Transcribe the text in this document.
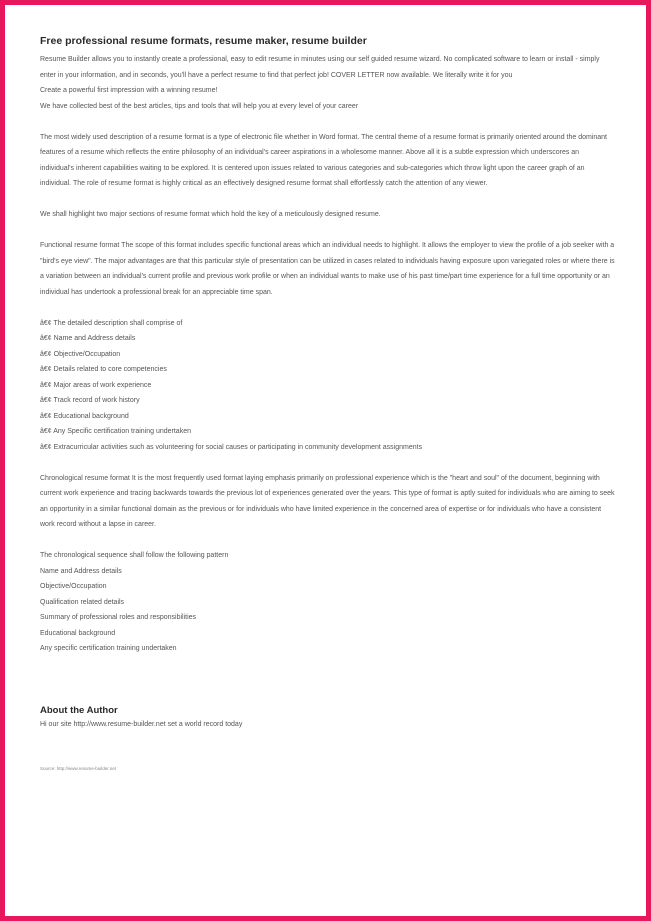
Free professional resume formats, resume maker, resume builder

Resume Builder allows you to instantly create a professional, easy to edit resume in minutes using our self guided resume wizard. No complicated software to learn or install - simply enter in your information, and in seconds, you'll have a perfect resume to find that perfect job! COVER LETTER now available. We literally write it for you

Create a powerful first impression with a winning resume!

We have collected best of the best articles, tips and tools that will help you at every level of your career

The most widely used description of a resume format is a type of electronic file whether in Word format. The central theme of a resume format is primarily oriented around the dominant features of a resume which reflects the entire philosophy of an individual's career aspirations in a wholesome manner. Above all it is a subtle expression which underscores an individual's inherent capabilities waiting to be explored. It is centered upon issues related to various categories and sub-categories which throw light upon the career graph of an individual. The role of resume format is highly critical as an effectively designed resume format shall effortlessly catch the attention of any viewer.

We shall highlight two major sections of resume format which hold the key of a meticulously designed resume.

Functional resume format The scope of this format includes specific functional areas which an individual needs to highlight. It allows the employer to view the profile of a job seeker with a

"bird's eye view". The major advantages are that this particular style of presentation can be utilized in cases related to individuals having exposure upon variegated roles or where there is a variation between an individual's current profile and previous work profile or when an individual wants to make use of his past time/part time experience for a full time opportunity or an individual has undertook a professional break for an appreciable time span.

â€¢ The detailed description shall comprise of

â€¢ Name and Address details

â€¢ Objective/Occupation

â€¢ Details related to core competencies

â€¢ Major areas of work experience

â€¢ Track record of work history

â€¢ Educational background

â€¢ Any Specific certification training undertaken

â€¢ Extracurricular activities such as volunteering for social causes or participating in community development assignments

Chronological resume format It is the most frequently used format laying emphasis primarily on professional experience which is the "heart and soul" of the document, beginning with current work experience and tracing backwards towards the previous lot of experiences generated over the years. This type of format is aptly suited for individuals who are aiming to seek an opportunity in a similar functional domain as the previous or for individuals who have limited experience in the concerned area of expertise or for individuals who have a consistent work record without a lapse in career.

The chronological sequence shall follow the following pattern

Name and Address details

Objective/Occupation

Qualification related details

Summary of professional roles and responsibilities

Educational background

Any specific certification training undertaken

About the Author

Hi our site http://www.resume-builder.net set a world record today

Source: http://www.resume-builder.net
